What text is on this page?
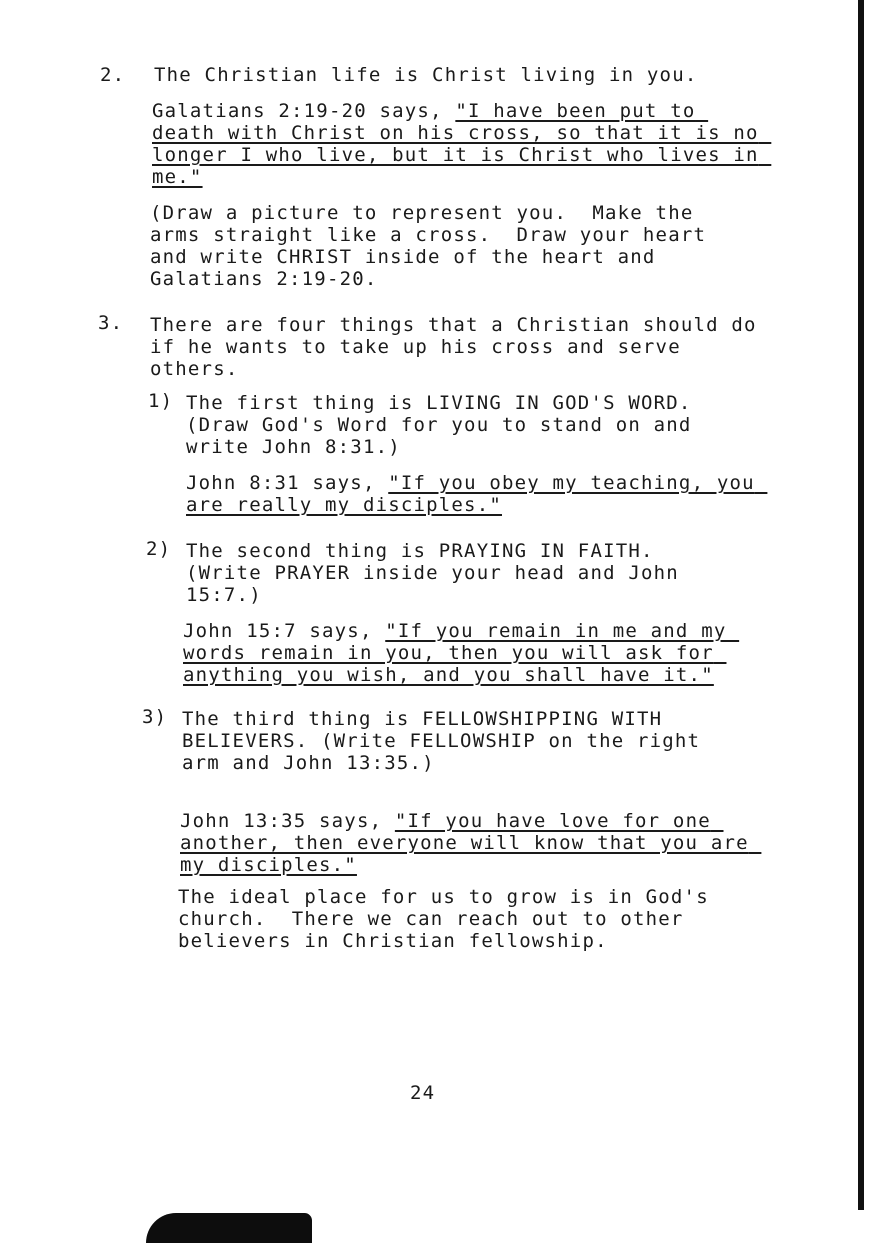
2. The Christian life is Christ living in you.

Galatians 2:19-20 says, "I have been put to death with Christ on his cross, so that it is no longer I who live, but it is Christ who lives in me."

(Draw a picture to represent you.  Make the arms straight like a cross.  Draw your heart and write CHRIST inside of the heart and Galatians 2:19-20.

3. There are four things that a Christian should do if he wants to take up his cross and serve others.

1) The first thing is LIVING IN GOD'S WORD. (Draw God's Word for you to stand on and write John 8:31.)

John 8:31 says, "If you obey my teaching, you are really my disciples."

2) The second thing is PRAYING IN FAITH. (Write PRAYER inside your head and John 15:7.)

John 15:7 says, "If you remain in me and my words remain in you, then you will ask for anything you wish, and you shall have it."

3) The third thing is FELLOWSHIPPING WITH BELIEVERS. (Write FELLOWSHIP on the right arm and John 13:35.)

John 13:35 says, "If you have love for one another, then everyone will know that you are my disciples."

The ideal place for us to grow is in God's church.  There we can reach out to other believers in Christian fellowship.

24
